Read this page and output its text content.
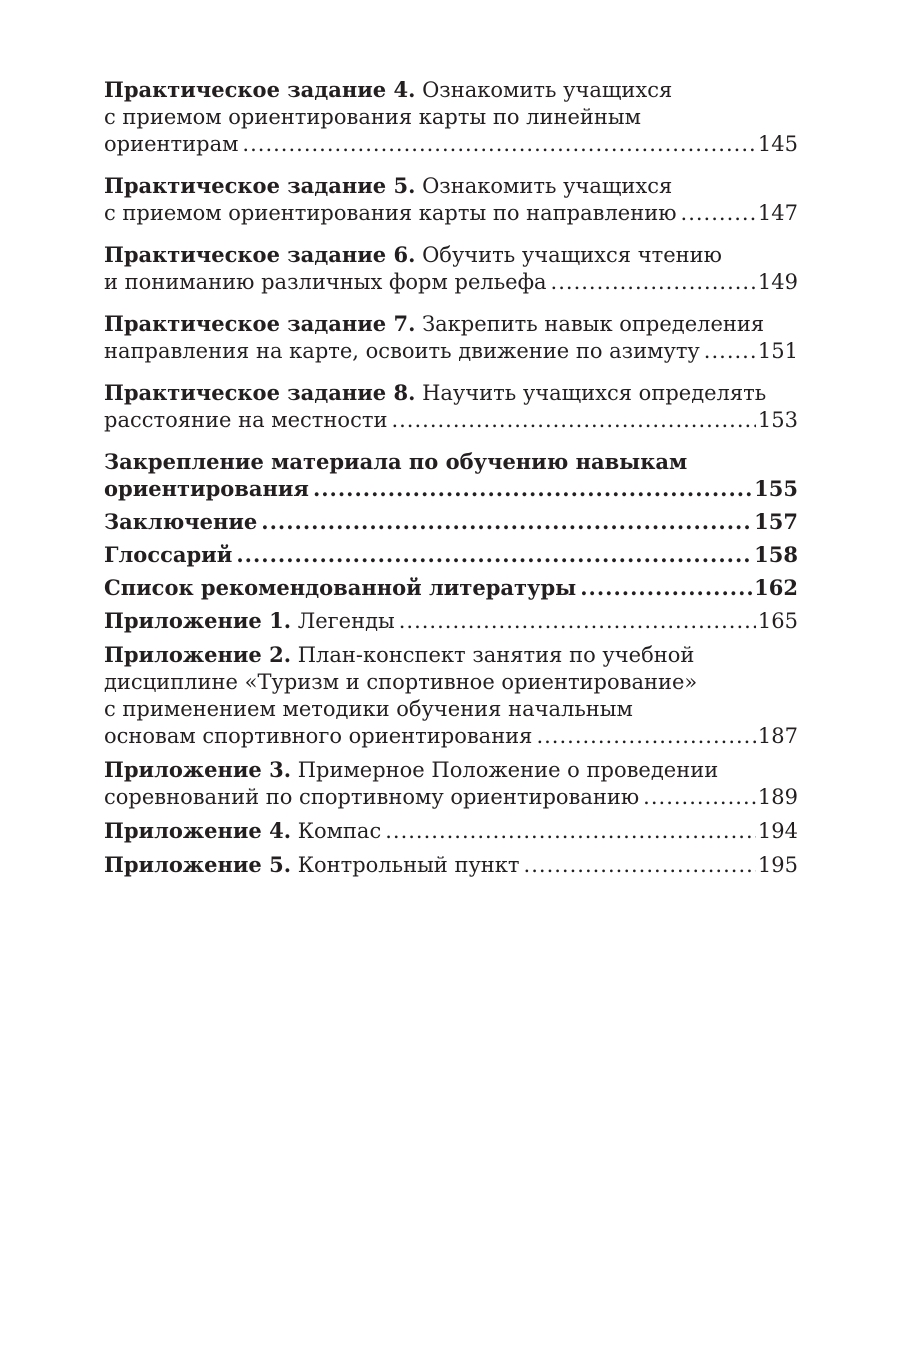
Практическое задание 4. Ознакомить учащихся
с приемом ориентирования карты по линейным
ориентирам .....	145
Практическое задание 5. Ознакомить учащихся
с приемом ориентирования карты по направлению .....	147
Практическое задание 6. Обучить учащихся чтению
и пониманию различных форм рельефа .....	149
Практическое задание 7. Закрепить навык определения
направления на карте, освоить движение по азимуту .....	151
Практическое задание 8. Научить учащихся определять
расстояние на местности .....	153
Закрепление материала по обучению навыкам
ориентирования .....	155
Заключение .....	157
Глоссарий .....	158
Список рекомендованной литературы .....	162
Приложение 1. Легенды .....	165
Приложение 2. План-конспект занятия по учебной
дисциплине «Туризм и спортивное ориентирование»
с применением методики обучения начальным
основам спортивного ориентирования .....	187
Приложение 3. Примерное Положение о проведении
соревнований по спортивному ориентированию .....	189
Приложение 4. Компас .....	194
Приложение 5. Контрольный пункт .....	195
